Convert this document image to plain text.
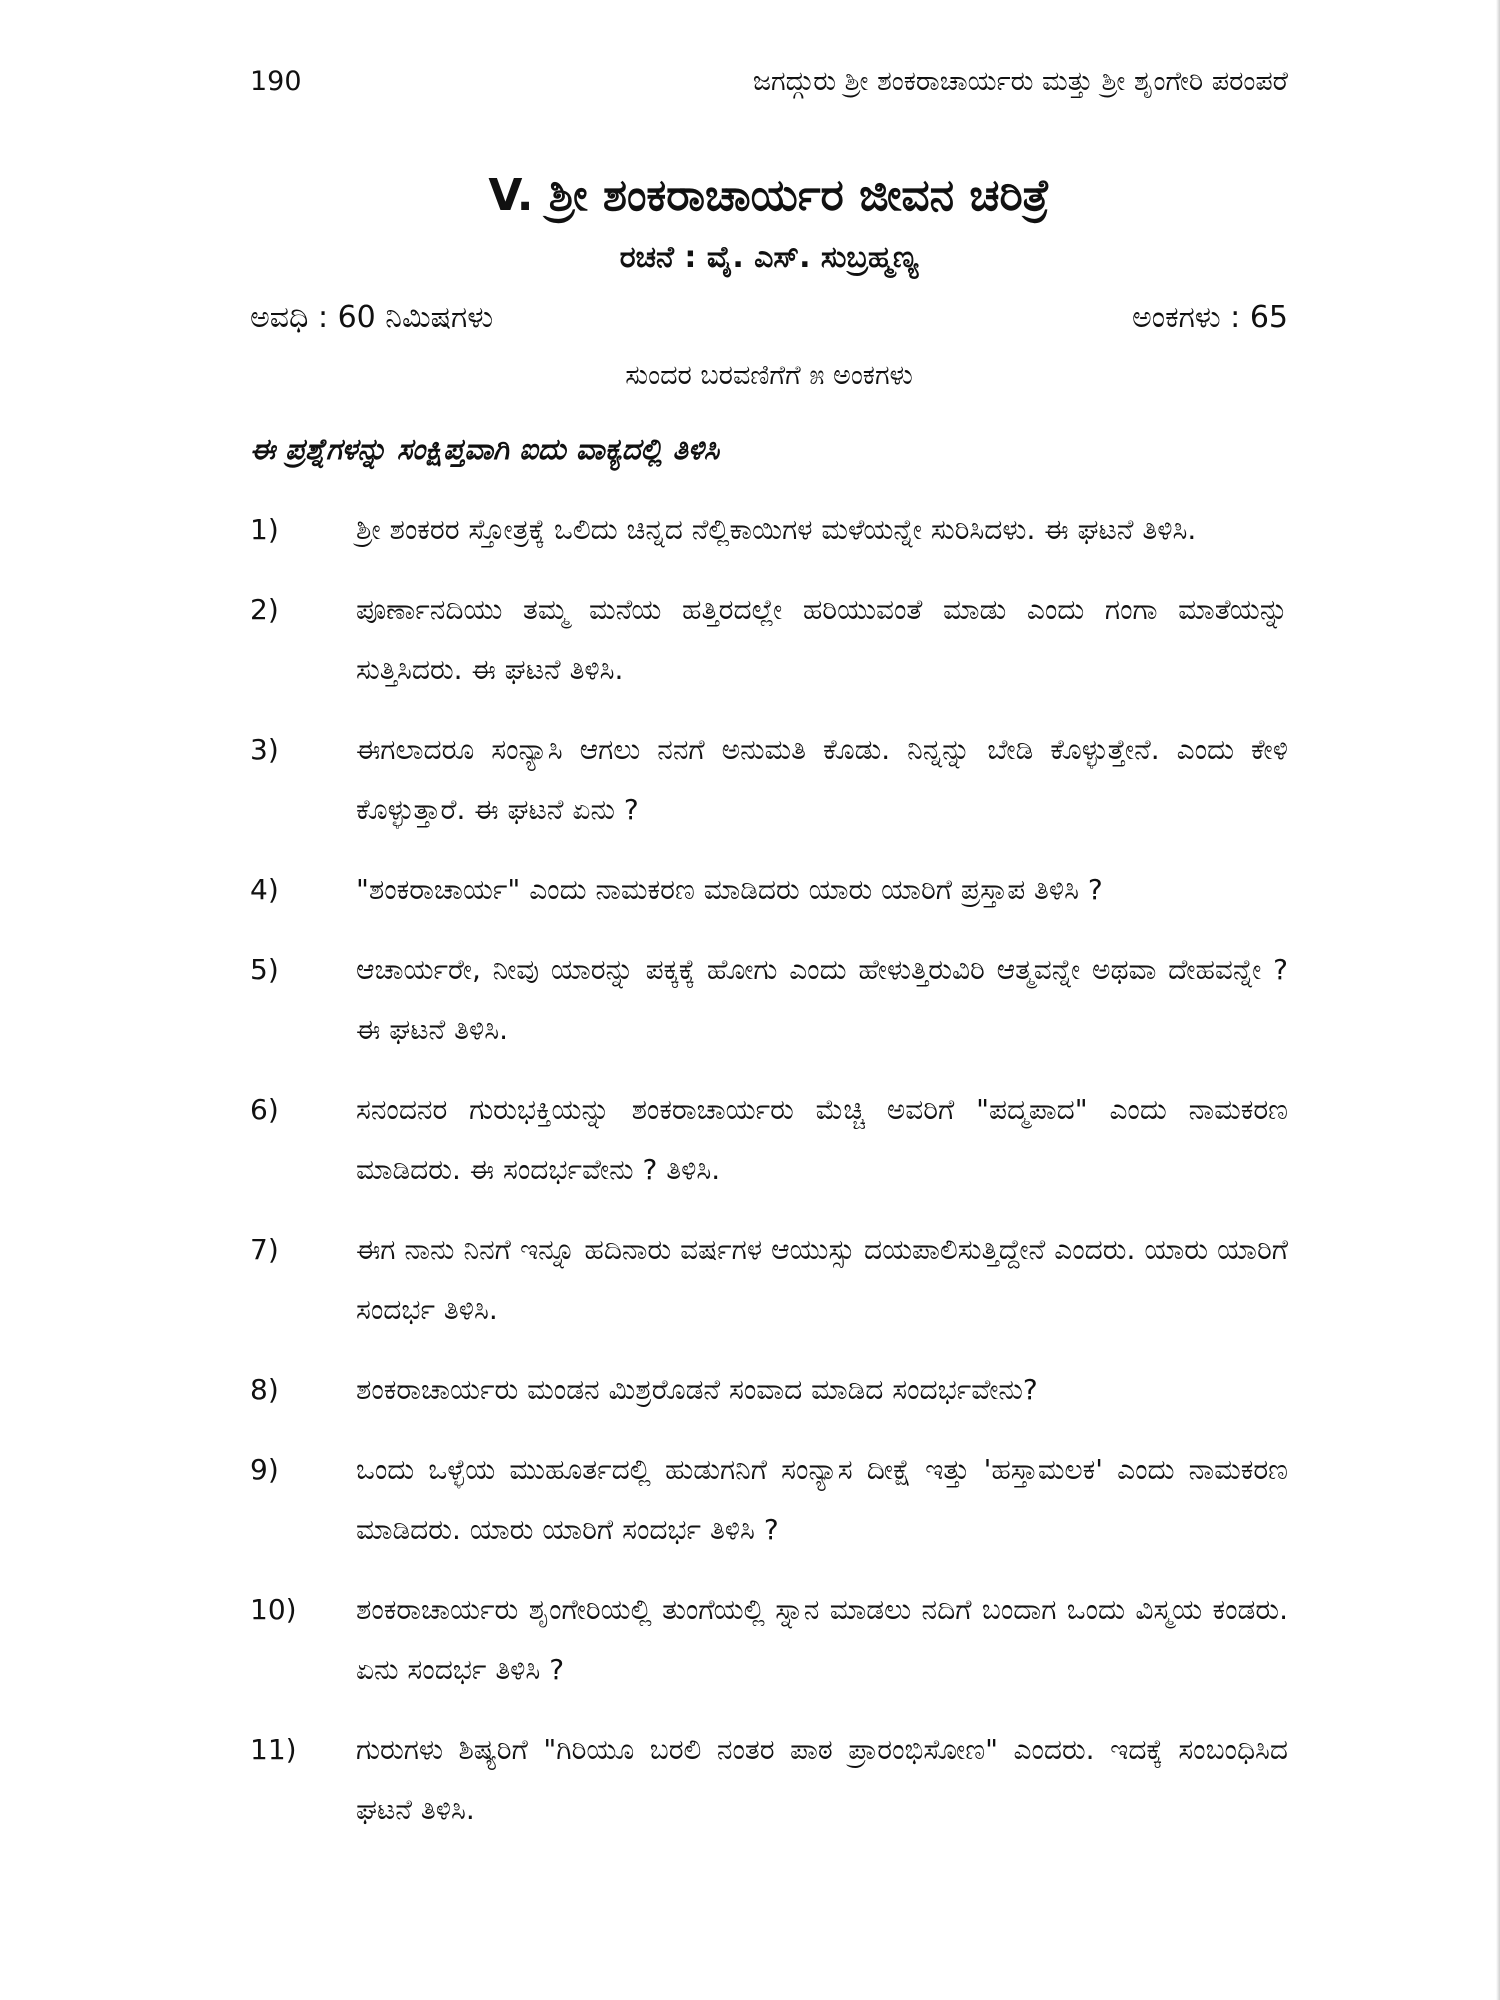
190	ಜಗದ್ಗುರು ಶ್ರೀ ಶಂಕರಾಚಾರ್ಯರು ಮತ್ತು ಶ್ರೀ ಶೃಂಗೇರಿ ಪರಂಪರೆ
V. ಶ್ರೀ ಶಂಕರಾಚಾರ್ಯರ ಜೀವನ ಚರಿತ್ರೆ
ರಚನೆ : ವೈ. ಎಸ್. ಸುಬ್ರಹ್ಮಣ್ಯ
ಅವಧಿ : 60 ನಿಮಿಷಗಳು	ಅಂಕಗಳು : 65
ಸುಂದರ ಬರವಣಿಗೆಗೆ ೫ ಅಂಕಗಳು
ಈ ಪ್ರಶ್ನೆಗಳನ್ನು ಸಂಕ್ಷಿಪ್ತವಾಗಿ ಐದು ವಾಕ್ಯದಲ್ಲಿ ತಿಳಿಸಿ
1)	ಶ್ರೀ ಶಂಕರರ ಸ್ತೋತ್ರಕ್ಕೆ ಒಲಿದು ಚಿನ್ನದ ನೆಲ್ಲಿಕಾಯಿಗಳ ಮಳೆಯನ್ನೇ ಸುರಿಸಿದಳು. ಈ ಘಟನೆ ತಿಳಿಸಿ.
2)	ಪೂರ್ಣಾನದಿಯು ತಮ್ಮ ಮನೆಯ ಹತ್ತಿರದಲ್ಲೇ ಹರಿಯುವಂತೆ ಮಾಡು ಎಂದು ಗಂಗಾ ಮಾತೆಯನ್ನು ಸುತ್ತಿಸಿದರು. ಈ ಘಟನೆ ತಿಳಿಸಿ.
3)	ಈಗಲಾದರೂ ಸಂನ್ಯಾಸಿ ಆಗಲು ನನಗೆ ಅನುಮತಿ ಕೊಡು. ನಿನ್ನನ್ನು ಬೇಡಿ ಕೊಳ್ಳುತ್ತೇನೆ. ಎಂದು ಕೇಳಿ ಕೊಳ್ಳುತ್ತಾರೆ. ಈ ಘಟನೆ ಏನು ?
4)	"ಶಂಕರಾಚಾರ್ಯ" ಎಂದು ನಾಮಕರಣ ಮಾಡಿದರು ಯಾರು ಯಾರಿಗೆ ಪ್ರಸ್ತಾಪ ತಿಳಿಸಿ ?
5)	ಆಚಾರ್ಯರೇ, ನೀವು ಯಾರನ್ನು ಪಕ್ಕಕ್ಕೆ ಹೋಗು ಎಂದು ಹೇಳುತ್ತಿರುವಿರಿ ಆತ್ಮವನ್ನೇ ಅಥವಾ ದೇಹವನ್ನೇ ? ಈ ಘಟನೆ ತಿಳಿಸಿ.
6)	ಸನಂದನರ ಗುರುಭಕ್ತಿಯನ್ನು ಶಂಕರಾಚಾರ್ಯರು ಮೆಚ್ಚಿ ಅವರಿಗೆ "ಪದ್ಮಪಾದ" ಎಂದು ನಾಮಕರಣ ಮಾಡಿದರು. ಈ ಸಂದರ್ಭವೇನು ? ತಿಳಿಸಿ.
7)	ಈಗ ನಾನು ನಿನಗೆ ಇನ್ನೂ ಹದಿನಾರು ವರ್ಷಗಳ ಆಯುಸ್ಸು ದಯಪಾಲಿಸುತ್ತಿದ್ದೇನೆ ಎಂದರು. ಯಾರು ಯಾರಿಗೆ ಸಂದರ್ಭ ತಿಳಿಸಿ.
8)	ಶಂಕರಾಚಾರ್ಯರು ಮಂಡನ ಮಿಶ್ರರೊಡನೆ ಸಂವಾದ ಮಾಡಿದ ಸಂದರ್ಭವೇನು?
9)	ಒಂದು ಒಳ್ಳೆಯ ಮುಹೂರ್ತದಲ್ಲಿ ಹುಡುಗನಿಗೆ ಸಂನ್ಯಾಸ ದೀಕ್ಷೆ ಇತ್ತು 'ಹಸ್ತಾಮಲಕ' ಎಂದು ನಾಮಕರಣ ಮಾಡಿದರು. ಯಾರು ಯಾರಿಗೆ ಸಂದರ್ಭ ತಿಳಿಸಿ ?
10)	ಶಂಕರಾಚಾರ್ಯರು ಶೃಂಗೇರಿಯಲ್ಲಿ ತುಂಗೆಯಲ್ಲಿ ಸ್ನಾನ ಮಾಡಲು ನದಿಗೆ ಬಂದಾಗ ಒಂದು ವಿಸ್ಮಯ ಕಂಡರು. ಏನು ಸಂದರ್ಭ ತಿಳಿಸಿ ?
11)	ಗುರುಗಳು ಶಿಷ್ಯರಿಗೆ "ಗಿರಿಯೂ ಬರಲಿ ನಂತರ ಪಾಠ ಪ್ರಾರಂಭಿಸೋಣ" ಎಂದರು. ಇದಕ್ಕೆ ಸಂಬಂಧಿಸಿದ ಘಟನೆ ತಿಳಿಸಿ.
